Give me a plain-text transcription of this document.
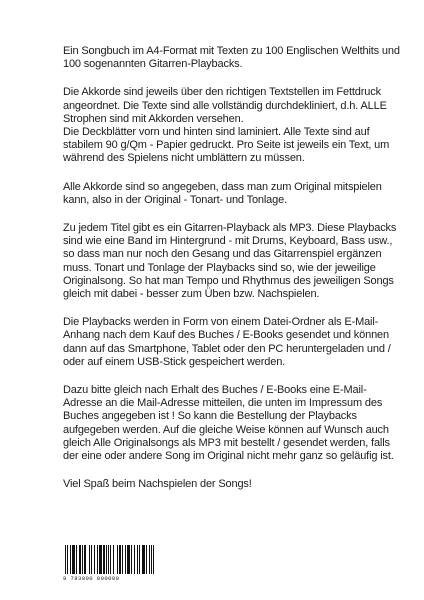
Ein Songbuch im A4-Format mit Texten zu 100 Englischen Welthits und 100 sogenannten Gitarren-Playbacks.

Die Akkorde sind jeweils über den richtigen Textstellen im Fettdruck angeordnet. Die Texte sind alle vollständig durchdekliniert, d.h. ALLE Strophen sind mit Akkorden versehen.
Die Deckblätter vorn und hinten sind laminiert. Alle Texte sind auf stabilem 90 g/Qm - Papier gedruckt. Pro Seite ist jeweils ein Text, um während des Spielens nicht umblättern zu müssen.

Alle Akkorde sind so angegeben, dass man zum Original mitspielen kann, also in der Original - Tonart- und Tonlage.

Zu jedem Titel gibt es ein Gitarren-Playback als MP3. Diese Playbacks sind wie eine Band im Hintergrund - mit Drums, Keyboard, Bass usw., so dass man nur noch den Gesang und das Gitarrenspiel ergänzen muss. Tonart und Tonlage der Playbacks sind so, wie der jeweilige Originalsong. So hat man Tempo und Rhythmus des jeweiligen Songs gleich mit dabei - besser zum Üben bzw. Nachspielen.

Die Playbacks werden in Form von einem Datei-Ordner als E-Mail-Anhang nach dem Kauf des Buches / E-Books gesendet und können dann auf das Smartphone, Tablet oder den PC heruntergeladen und / oder auf einem USB-Stick gespeichert werden.

Dazu bitte gleich nach Erhalt des Buches / E-Books eine E-Mail-Adresse an die Mail-Adresse mitteilen, die unten im Impressum des Buches angegeben ist ! So kann die Bestellung der Playbacks aufgegeben werden. Auf die gleiche Weise können auf Wunsch auch gleich Alle Originalsongs als MP3 mit bestellt / gesendet werden, falls der eine oder andere Song im Original nicht mehr ganz so geläufig ist.

Viel Spaß beim Nachspielen der Songs!

9 783000 000000
